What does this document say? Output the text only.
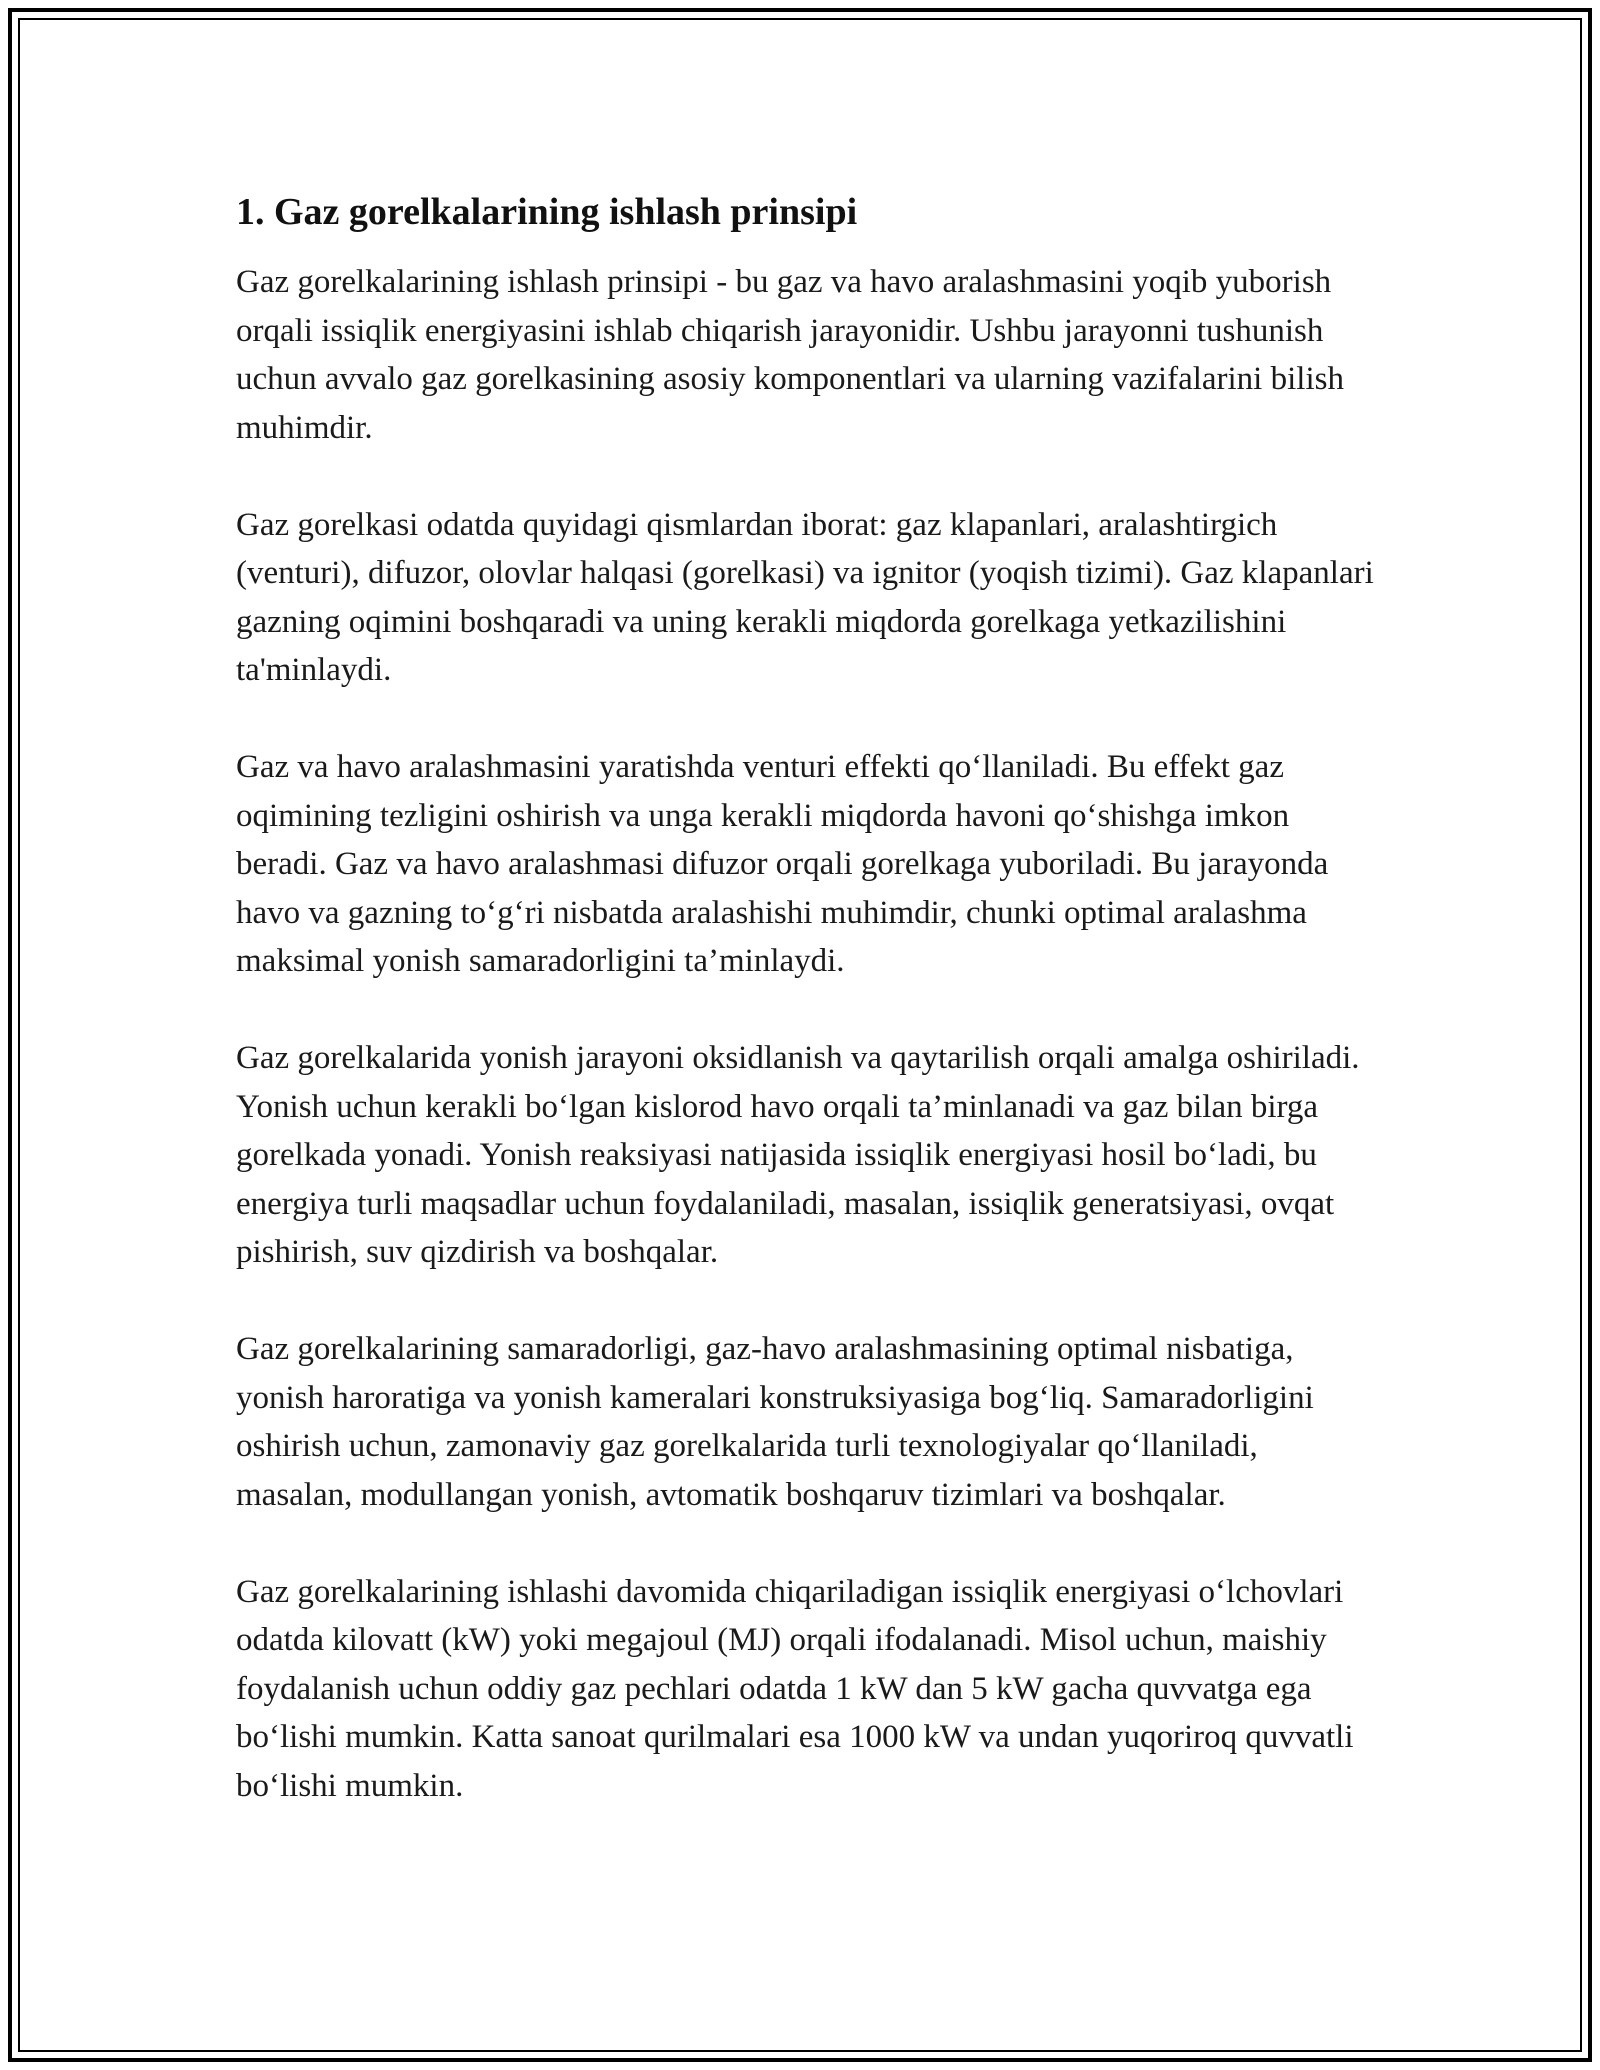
1. Gaz gorelkalarining ishlash prinsipi

Gaz gorelkalarining ishlash prinsipi - bu gaz va havo aralashmasini yoqib yuborish orqali issiqlik energiyasini ishlab chiqarish jarayonidir. Ushbu jarayonni tushunish uchun avvalo gaz gorelkasining asosiy komponentlari va ularning vazifalarini bilish muhimdir.

Gaz gorelkasi odatda quyidagi qismlardan iborat: gaz klapanlari, aralashtirgich (venturi), difuzor, olovlar halqasi (gorelkasi) va ignitor (yoqish tizimi). Gaz klapanlari gazning oqimini boshqaradi va uning kerakli miqdorda gorelkaga yetkazilishini ta'minlaydi.

Gaz va havo aralashmasini yaratishda venturi effekti qo‘llaniladi. Bu effekt gaz oqimining tezligini oshirish va unga kerakli miqdorda havoni qo‘shishga imkon beradi. Gaz va havo aralashmasi difuzor orqali gorelkaga yuboriladi. Bu jarayonda havo va gazning to‘g‘ri nisbatda aralashishi muhimdir, chunki optimal aralashma maksimal yonish samaradorligini ta’minlaydi.

Gaz gorelkalarida yonish jarayoni oksidlanish va qaytarilish orqali amalga oshiriladi. Yonish uchun kerakli bo‘lgan kislorod havo orqali ta’minlanadi va gaz bilan birga gorelkada yonadi. Yonish reaksiyasi natijasida issiqlik energiyasi hosil bo‘ladi, bu energiya turli maqsadlar uchun foydalaniladi, masalan, issiqlik generatsiyasi, ovqat pishirish, suv qizdirish va boshqalar.

Gaz gorelkalarining samaradorligi, gaz-havo aralashmasining optimal nisbatiga, yonish haroratiga va yonish kameralari konstruksiyasiga bog‘liq. Samaradorligini oshirish uchun, zamonaviy gaz gorelkalarida turli texnologiyalar qo‘llaniladi, masalan, modullangan yonish, avtomatik boshqaruv tizimlari va boshqalar.

Gaz gorelkalarining ishlashi davomida chiqariladigan issiqlik energiyasi o‘lchovlari odatda kilovatt (kW) yoki megajoul (MJ) orqali ifodalanadi. Misol uchun, maishiy foydalanish uchun oddiy gaz pechlari odatda 1 kW dan 5 kW gacha quvvatga ega bo‘lishi mumkin. Katta sanoat qurilmalari esa 1000 kW va undan yuqoriroq quvvatli bo‘lishi mumkin.
